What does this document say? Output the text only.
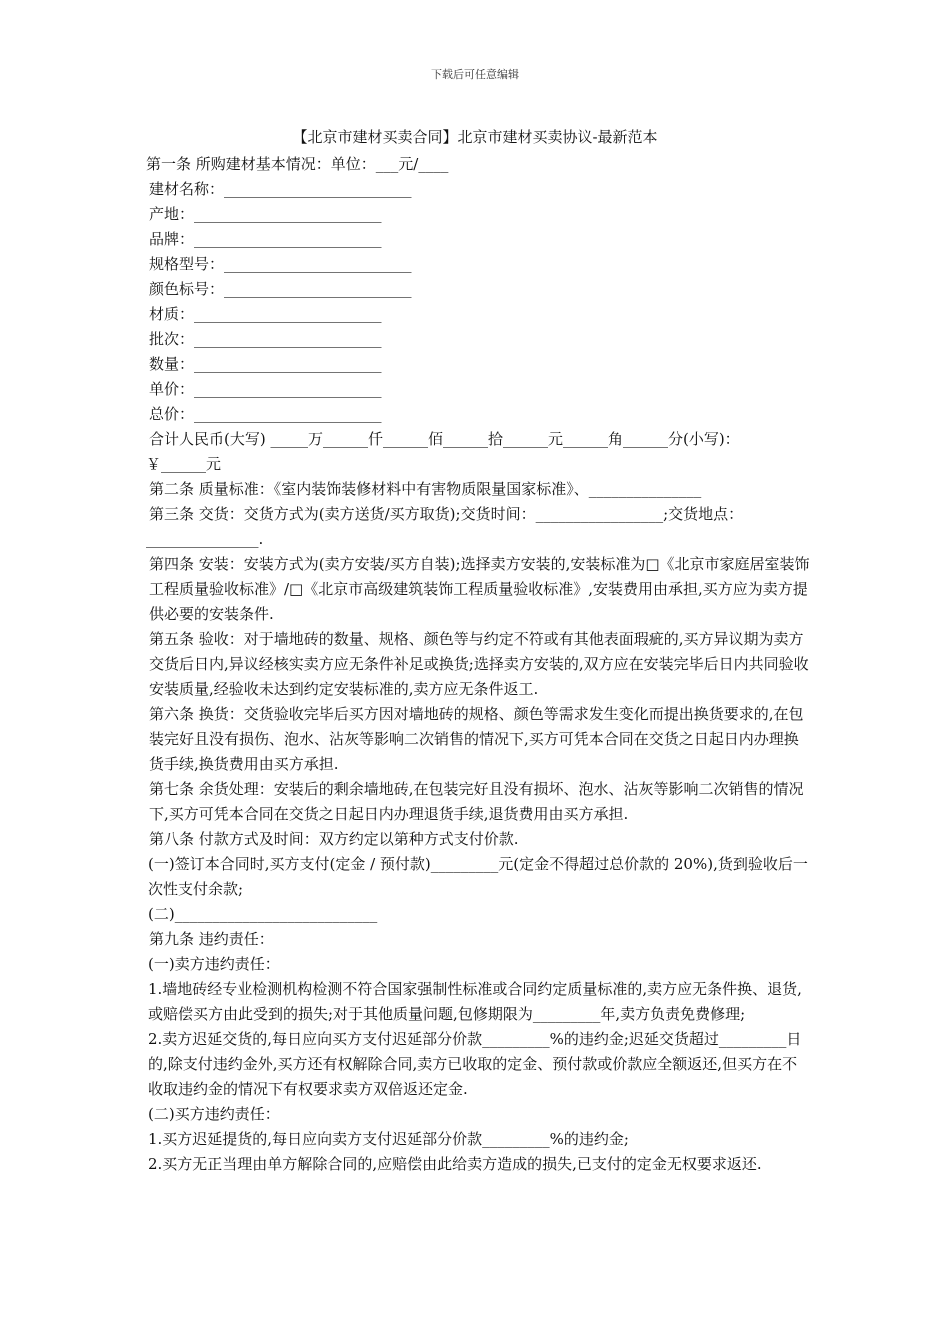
下载后可任意编辑
【北京市建材买卖合同】北京市建材买卖协议-最新范本
第一条 所购建材基本情况：单位：___元/____
建材名称：_________________________
产地：_________________________
品牌：_________________________
规格型号：_________________________
颜色标号：_________________________
材质：_________________________
批次：_________________________
数量：_________________________
单价：_________________________
总价：_________________________
合计人民币(大写) _____万______仟______佰______拾______元______角______分(小写)：
￥______元
第二条 质量标准：《室内装饰装修材料中有害物质限量国家标准》、_______________
第三条 交货：交货方式为(卖方送货/买方取货);交货时间：_________________;交货地点：
_______________.

第四条 安装：安装方式为(卖方安装/买方自装);选择卖方安装的,安装标准为□《北京市家庭居室装饰工程质量验收标准》/□《北京市高级建筑装饰工程质量验收标准》,安装费用由承担,买方应为卖方提供必要的安装条件.

第五条 验收：对于墙地砖的数量、规格、颜色等与约定不符或有其他表面瑕疵的,买方异议期为卖方交货后日内,异议经核实卖方应无条件补足或换货;选择卖方安装的,双方应在安装完毕后日内共同验收安装质量,经验收未达到约定安装标准的,卖方应无条件返工.

第六条 换货：交货验收完毕后买方因对墙地砖的规格、颜色等需求发生变化而提出换货要求的,在包装完好且没有损伤、泡水、沾灰等影响二次销售的情况下,买方可凭本合同在交货之日起日内办理换货手续,换货费用由买方承担.

第七条 余货处理：安装后的剩余墙地砖,在包装完好且没有损坏、泡水、沾灰等影响二次销售的情况下,买方可凭本合同在交货之日起日内办理退货手续,退货费用由买方承担.

第八条 付款方式及时间：双方约定以第种方式支付价款.

(一)签订本合同时,买方支付(定金 / 预付款)_________元(定金不得超过总价款的 20%),货到验收后一次性支付余款;

(二)___________________________
第九条 违约责任：
(一)卖方违约责任：

1.墙地砖经专业检测机构检测不符合国家强制性标准或合同约定质量标准的,卖方应无条件换、退货,或赔偿买方由此受到的损失;对于其他质量问题,包修期限为_________年,卖方负责免费修理;

2.卖方迟延交货的,每日应向买方支付迟延部分价款_________%的违约金;迟延交货超过_________日的,除支付违约金外,买方还有权解除合同,卖方已收取的定金、预付款或价款应全额返还,但买方在不收取违约金的情况下有权要求卖方双倍返还定金.

(二)买方违约责任：
1.买方迟延提货的,每日应向卖方支付迟延部分价款_________%的违约金;

2.买方无正当理由单方解除合同的,应赔偿由此给卖方造成的损失,已支付的定金无权要求返还.
